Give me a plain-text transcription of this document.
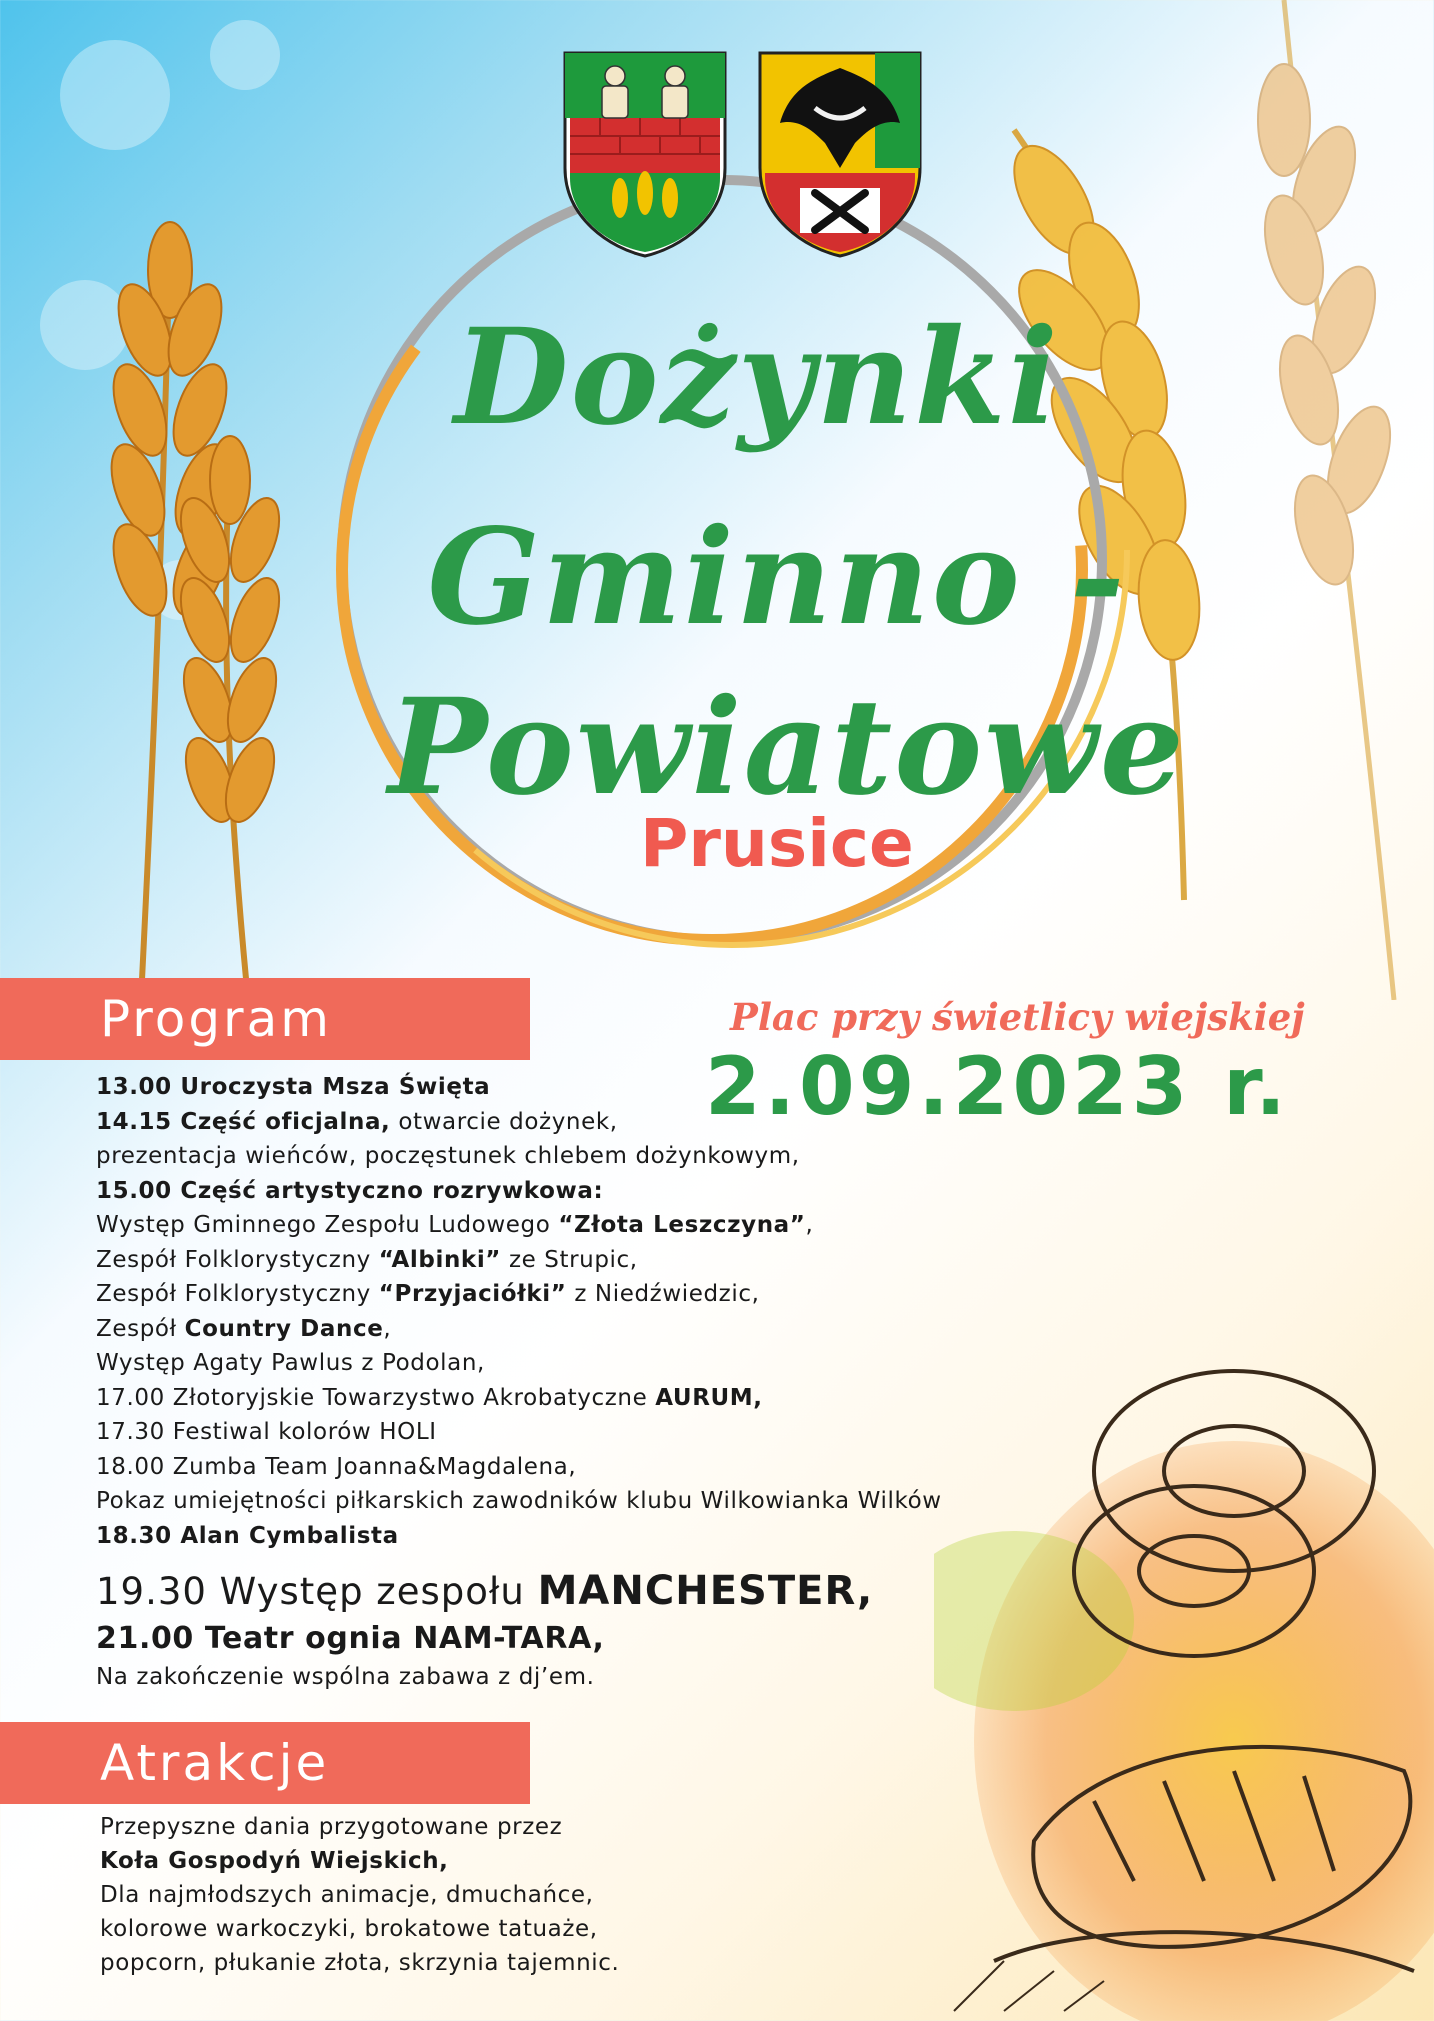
Dożynki
Gminno -
Powiatowe
Prusice
Plac przy świetlicy wiejskiej
2.09.2023 r.
Program
13.00 Uroczysta Msza Święta
14.15 Część oficjalna, otwarcie dożynek,
prezentacja wieńców, poczęstunek chlebem dożynkowym,
15.00 Część artystyczno rozrywkowa:
Występ Gminnego Zespołu Ludowego “Złota Leszczyna”,
Zespół Folklorystyczny “Albinki” ze Strupic,
Zespół Folklorystyczny “Przyjaciółki” z Niedźwiedzic,
Zespół Country Dance,
Występ Agaty Pawlus z Podolan,
17.00 Złotoryjskie Towarzystwo Akrobatyczne AURUM,
17.30 Festiwal kolorów HOLI
18.00 Zumba Team Joanna&Magdalena,
Pokaz umiejętności piłkarskich zawodników klubu Wilkowianka Wilków
18.30 Alan Cymbalista
19.30 Występ zespołu MANCHESTER,
21.00 Teatr ognia NAM-TARA,
Na zakończenie wspólna zabawa z dj’em.
Atrakcje
Przepyszne dania przygotowane przez
Koła Gospodyń Wiejskich,
Dla najmłodszych animacje, dmuchańce,
kolorowe warkoczyki, brokatowe tatuaże,
popcorn, płukanie złota, skrzynia tajemnic.
